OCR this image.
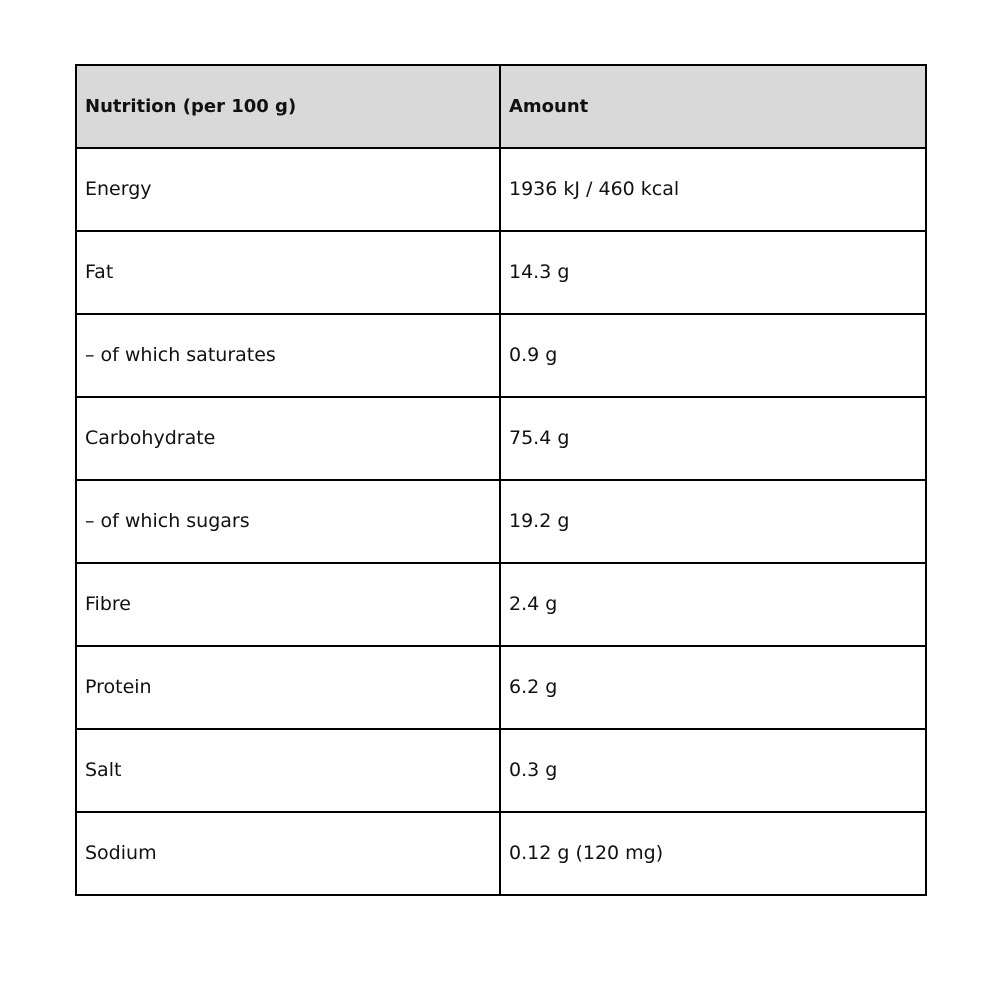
Nutrition (per 100 g)	Amount
Energy	1936 kJ / 460 kcal
Fat	14.3 g
– of which saturates	0.9 g
Carbohydrate	75.4 g
– of which sugars	19.2 g
Fibre	2.4 g
Protein	6.2 g
Salt	0.3 g
Sodium	0.12 g (120 mg)
